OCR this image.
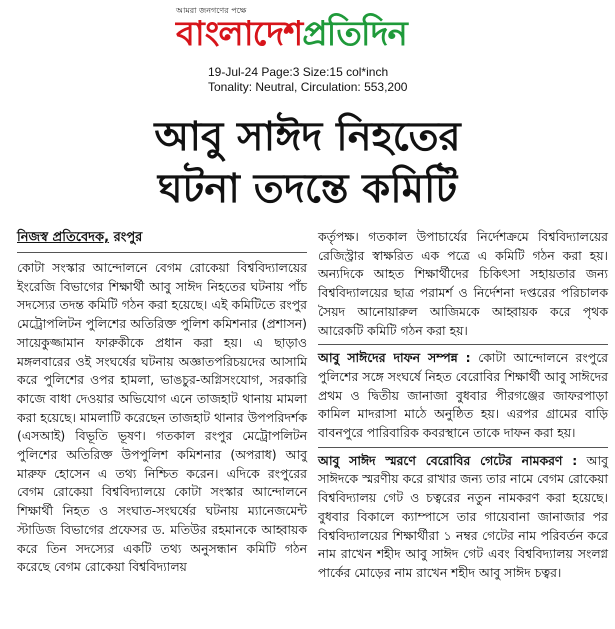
আমরা জনগণের পক্ষে
বাংলাদেশ প্রতিদিন
19-Jul-24 Page:3 Size:15 col*inch
Tonality: Neutral, Circulation: 553,200
আবু সাঈদ নিহতের
ঘটনা তদন্তে কমিটি
নিজস্ব প্রতিবেদক, রংপুর

কোটা সংস্কার আন্দোলনে বেগম রোকেয়া বিশ্ববিদ্যালয়ের ইংরেজি বিভাগের শিক্ষার্থী আবু সাঈদ নিহতের ঘটনায় পাঁচ সদস্যের তদন্ত কমিটি গঠন করা হয়েছে। এই কমিটিতে রংপুর মেট্রোপলিটন পুলিশের অতিরিক্ত পুলিশ কমিশনার (প্রশাসন) সায়েকুজ্জামান ফারুকীকে প্রধান করা হয়। এ ছাড়াও মঙ্গলবারের ওই সংঘর্ষের ঘটনায় অজ্ঞাতপরিচয়দের আসামি করে পুলিশের ওপর হামলা, ভাঙচুর-অগ্নিসংযোগ, সরকারি কাজে বাধা দেওয়ার অভিযোগ এনে তাজহাট থানায় মামলা করা হয়েছে। মামলাটি করেছেন তাজহাট থানার উপপরিদর্শক (এসআই) বিভূতি ভূষণ। গতকাল রংপুর মেট্রোপলিটন পুলিশের অতিরিক্ত উপপুলিশ কমিশনার (অপরাধ) আবু মারুফ হোসেন এ তথ্য নিশ্চিত করেন। এদিকে রংপুরের বেগম রোকেয়া বিশ্ববিদ্যালয়ে কোটা সংস্কার আন্দোলনে শিক্ষার্থী নিহত ও সংঘাত-সংঘর্ষের ঘটনায় ম্যানেজমেন্ট স্টাডিজ বিভাগের প্রফেসর ড. মতিউর রহমানকে আহ্বায়ক করে তিন সদস্যের একটি তথ্য অনুসন্ধান কমিটি গঠন করেছে বেগম রোকেয়া বিশ্ববিদ্যালয়

কর্তৃপক্ষ। গতকাল উপাচার্যের নির্দেশক্রমে বিশ্ববিদ্যালয়ের রেজিস্ট্রার স্বাক্ষরিত এক পত্রে এ কমিটি গঠন করা হয়। অন্যদিকে আহত শিক্ষার্থীদের চিকিৎসা সহায়তার জন্য বিশ্ববিদ্যালয়ের ছাত্র পরামর্শ ও নির্দেশনা দপ্তরের পরিচালক সৈয়দ আনোয়ারুল আজিমকে আহ্বায়ক করে পৃথক আরেকটি কমিটি গঠন করা হয়।

আবু সাঈদের দাফন সম্পন্ন : কোটা আন্দোলনে রংপুরে পুলিশের সঙ্গে সংঘর্ষে নিহত বেরোবির শিক্ষার্থী আবু সাঈদের প্রথম ও দ্বিতীয় জানাজা বুধবার পীরগঞ্জের জাফরপাড়া কামিল মাদরাসা মাঠে অনুষ্ঠিত হয়। এরপর গ্রামের বাড়ি বাবনপুরে পারিবারিক কবরস্থানে তাকে দাফন করা হয়।

আবু সাঈদ স্মরণে বেরোবির গেটের নামকরণ : আবু সাঈদকে স্মরণীয় করে রাখার জন্য তার নামে বেগম রোকেয়া বিশ্ববিদ্যালয় গেট ও চত্বরের নতুন নামকরণ করা হয়েছে। বুধবার বিকালে ক্যাম্পাসে তার গায়েবানা জানাজার পর বিশ্ববিদ্যালয়ের শিক্ষার্থীরা ১ নম্বর গেটের নাম পরিবর্তন করে নাম রাখেন শহীদ আবু সাঈদ গেট এবং বিশ্ববিদ্যালয় সংলগ্ন পার্কের মোড়ের নাম রাখেন শহীদ আবু সাঈদ চত্বর।
